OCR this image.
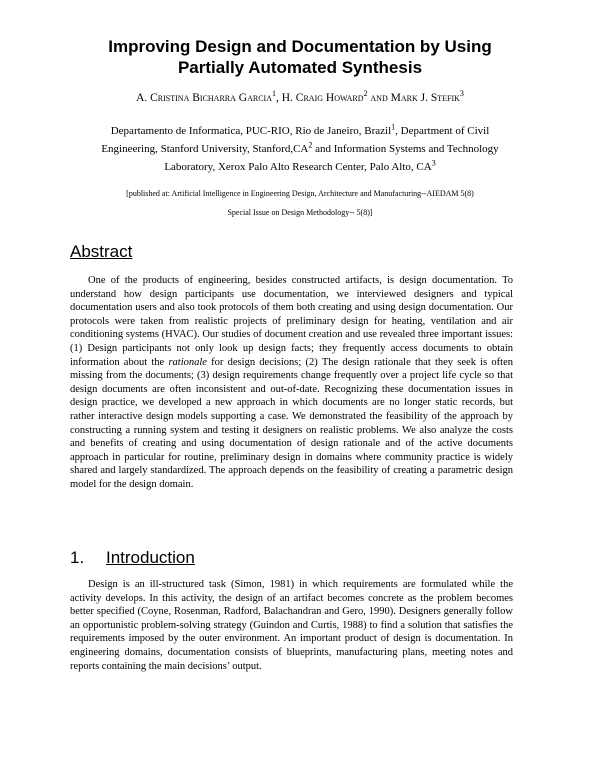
Improving Design and Documentation by Using
Partially Automated Synthesis
A. Cristina Bicharra Garcia$^1$, H. Craig Howard$^2$ and Mark J. Stefik$^3$
Departamento de Informatica, PUC-RIO, Rio de Janeiro, Brazil$^1$, Department of Civil
Engineering, Stanford University, $Stanford,CA^2$ and Information Systems and Technology
Laboratory, Xerox Palo Alto Research Center, Palo Alto, $CA^3$
[published at: Artificial Intelligence in Engineering Design, Architecture and Manufacturing--AIEDAM 5(8)
Special Issue on Design Methodology-- 5(8)]
Abstract
One of the products of engineering, besides constructed artifacts, is design documentation. To understand how design participants use documentation, we interviewed designers and typical documentation users and also took protocols of them both creating and using design documentation. Our protocols were taken from realistic projects of preliminary design for heating, ventilation and air conditioning systems (HVAC). Our studies of document creation and use revealed three important issues: (1) Design participants not only look up design facts; they frequently access documents to obtain information about the rationale for design decisions; (2) The design rationale that they seek is often missing from the documents; (3) design requirements change frequently over a project life cycle so that design documents are often inconsistent and out-of-date. Recognizing these documentation issues in design practice, we developed a new approach in which documents are no longer static records, but rather interactive design models supporting a case. We demonstrated the feasibility of the approach by constructing a running system and testing it designers on realistic problems. We also analyze the costs and benefits of creating and using documentation of design rationale and of the active documents approach in particular for routine, preliminary design in domains where community practice is widely shared and largely standardized. The approach depends on the feasibility of creating a parametric design model for the design domain.
1. Introduction
Design is an ill-structured task (Simon, 1981) in which requirements are formulated while the activity develops. In this activity, the design of an artifact becomes concrete as the problem becomes better specified (Coyne, Rosenman, Radford, Balachandran and Gero, 1990). Designers generally follow an opportunistic problem-solving strategy (Guindon and Curtis, 1988) to find a solution that satisfies the requirements imposed by the outer environment. An important product of design is documentation. In engineering domains, documentation consists of blueprints, manufacturing plans, meeting notes and reports containing the main decisions’ output.
